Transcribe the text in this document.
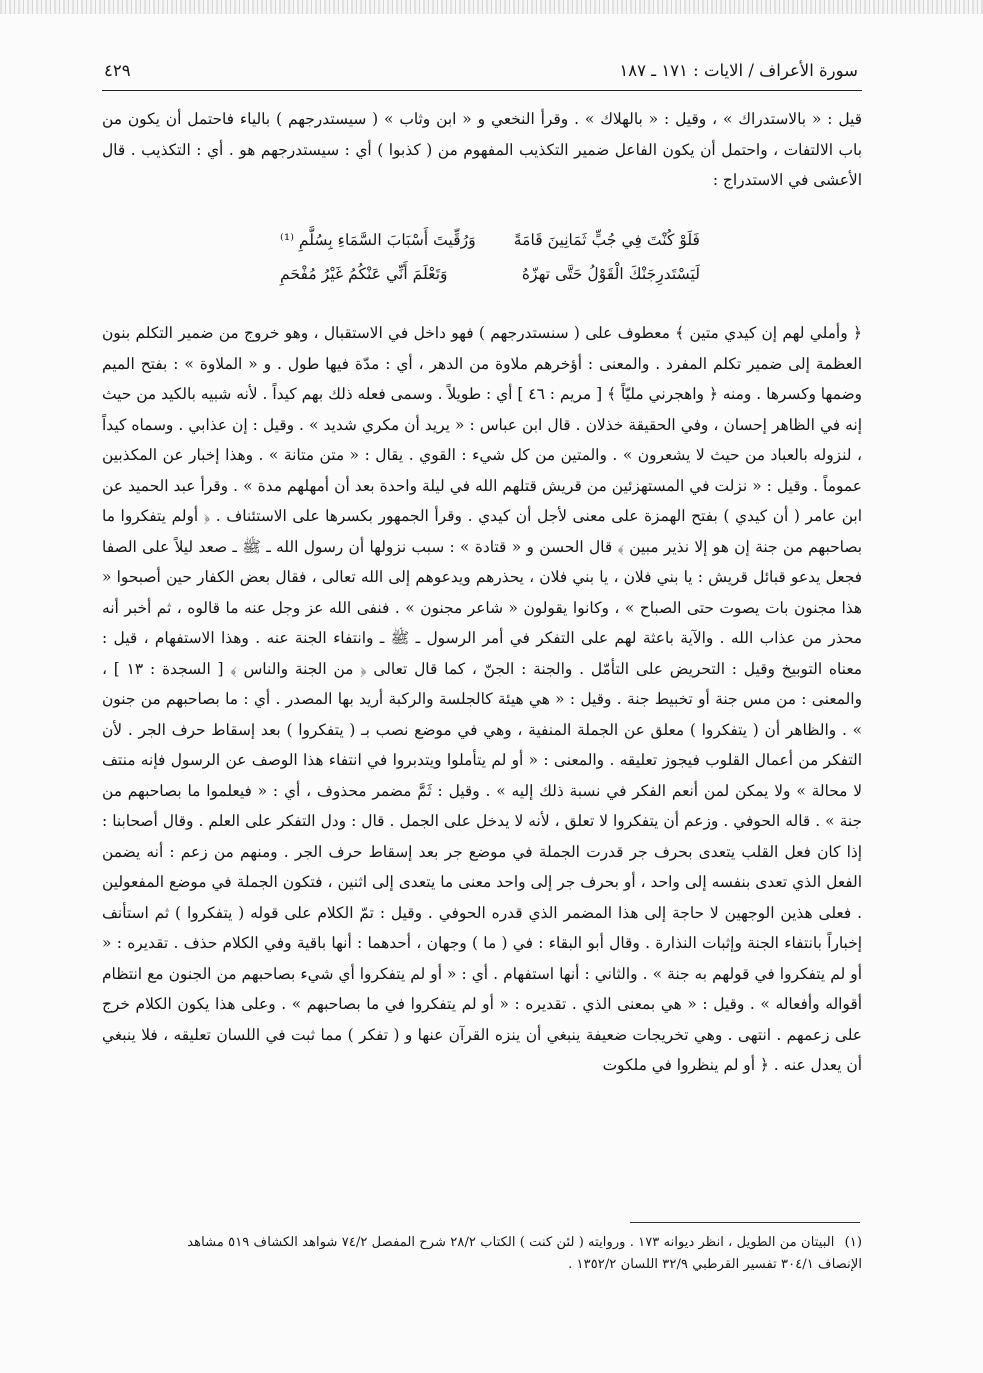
سورة الأعراف / الايات : ١٧١ ـ ١٨٧
٤٢٩

قيل : « بالاستدراك » ، وقيل : « بالهلاك » . وقرأ النخعي و « ابن وثاب » ( سيستدرجهم ) بالياء فاحتمل أن يكون من باب الالتفات ، واحتمل أن يكون الفاعل ضمير التكذيب المفهوم من ( كذبوا ) أي : سيستدرجهم هو . أي : التكذيب . قال الأعشى في الاستدراج :

فَلَوْ كُنْتَ فِي جُبٍّ ثَمَانِينَ قَامَةً
وَرُقِّيتَ أَسْبَابَ السَّمَاءِ بِسُلَّمِ ⁽¹⁾
لَيَسْتَدرِجَنْكَ الْقَوْلُ حَتَّى تهزّهُ
وَتَعْلَمَ أَنِّي عَنْكُمُ غَيْرُ مُفْحَمِ

﴿ وأملي لهم إن كيدي متين ﴾ معطوف على ( سنستدرجهم ) فهو داخل في الاستقبال ، وهو خروج من ضمير التكلم بنون العظمة إلى ضمير تكلم المفرد . والمعنى : أؤخرهم ملاوة من الدهر ، أي : مدّة فيها طول . و « الملاوة » : بفتح الميم وضمها وكسرها . ومنه ﴿ واهجرني مليّاً ﴾ [ مريم : ٤٦ ] أي : طويلاً . وسمى فعله ذلك بهم كيداً . لأنه شبيه بالكيد من حيث إنه في الظاهر إحسان ، وفي الحقيقة خذلان . قال ابن عباس : « يريد أن مكري شديد » . وقيل : إن عذابي . وسماه كيداً ، لنزوله بالعباد من حيث لا يشعرون » . والمتين من كل شيء : القوي . يقال : « متن متانة » . وهذا إخبار عن المكذبين عموماً . وقيل : « نزلت في المستهزئين من قريش قتلهم الله في ليلة واحدة بعد أن أمهلهم مدة » . وقرأ عبد الحميد عن ابن عامر ( أن كيدي ) بفتح الهمزة على معنى لأجل أن كيدي . وقرأ الجمهور بكسرها على الاستئناف . ﴿ أولم يتفكروا ما بصاحبهم من جنة إن هو إلا نذير مبين ﴾ قال الحسن و « قتادة » : سبب نزولها أن رسول الله ـ ﷺ ـ صعد ليلاً على الصفا فجعل يدعو قبائل قريش : يا بني فلان ، يا بني فلان ، يحذرهم ويدعوهم إلى الله تعالى ، فقال بعض الكفار حين أصبحوا « هذا مجنون بات يصوت حتى الصباح » ، وكانوا يقولون « شاعر مجنون » . فنفى الله عز وجل عنه ما قالوه ، ثم أخبر أنه محذر من عذاب الله . والآية باعثة لهم على التفكر في أمر الرسول ـ ﷺ ـ وانتفاء الجنة عنه . وهذا الاستفهام ، قيل : معناه التوبيخ وقيل : التحريض على التأمّل . والجنة : الجنّ ، كما قال تعالى ﴿ من الجنة والناس ﴾ [ السجدة : ١٣ ] ، والمعنى : من مس جنة أو تخبيط جنة . وقيل : « هي هيئة كالجلسة والركبة أريد بها المصدر . أي : ما بصاحبهم من جنون » . والظاهر أن ( يتفكروا ) معلق عن الجملة المنفية ، وهي في موضع نصب بـ ( يتفكروا ) بعد إسقاط حرف الجر . لأن التفكر من أعمال القلوب فيجوز تعليقه . والمعنى : « أو لم يتأملوا ويتدبروا في انتفاء هذا الوصف عن الرسول فإنه منتف لا محالة » ولا يمكن لمن أنعم الفكر في نسبة ذلك إليه » . وقيل : ثَمَّ مضمر محذوف ، أي : « فيعلموا ما بصاحبهم من جنة » . قاله الحوفي . وزعم أن يتفكروا لا تعلق ، لأنه لا يدخل على الجمل . قال : ودل التفكر على العلم . وقال أصحابنا : إذا كان فعل القلب يتعدى بحرف جر قدرت الجملة في موضع جر بعد إسقاط حرف الجر . ومنهم من زعم : أنه يضمن الفعل الذي تعدى بنفسه إلى واحد ، أو بحرف جر إلى واحد معنى ما يتعدى إلى اثنين ، فتكون الجملة في موضع المفعولين . فعلى هذين الوجهين لا حاجة إلى هذا المضمر الذي قدره الحوفي . وقيل : تمّ الكلام على قوله ( يتفكروا ) ثم استأنف إخباراً بانتفاء الجنة وإثبات النذارة . وقال أبو البقاء : في ( ما ) وجهان ، أحدهما : أنها باقية وفي الكلام حذف . تقديره : « أو لم يتفكروا في قولهم به جنة » . والثاني : أنها استفهام . أي : « أو لم يتفكروا أي شيء بصاحبهم من الجنون مع انتظام أقواله وأفعاله » . وقيل : « هي بمعنى الذي . تقديره : « أو لم يتفكروا في ما بصاحبهم » . وعلى هذا يكون الكلام خرج على زعمهم . انتهى . وهي تخريجات ضعيفة ينبغي أن ينزه القرآن عنها و ( تفكر ) مما ثبت في اللسان تعليقه ، فلا ينبغي أن يعدل عنه . ﴿ أو لم ينظروا في ملكوت

(١) البيتان من الطويل ، انظر ديوانه ١٧٣ . وروايته ( لئن كنت ) الكتاب ٢٨/٢ شرح المفصل ٧٤/٢ شواهد الكشاف ٥١٩ مشاهد

الإنصاف ٣٠٤/١ تفسير القرطبي ٣٢/٩ اللسان ١٣٥٢/٢ .
